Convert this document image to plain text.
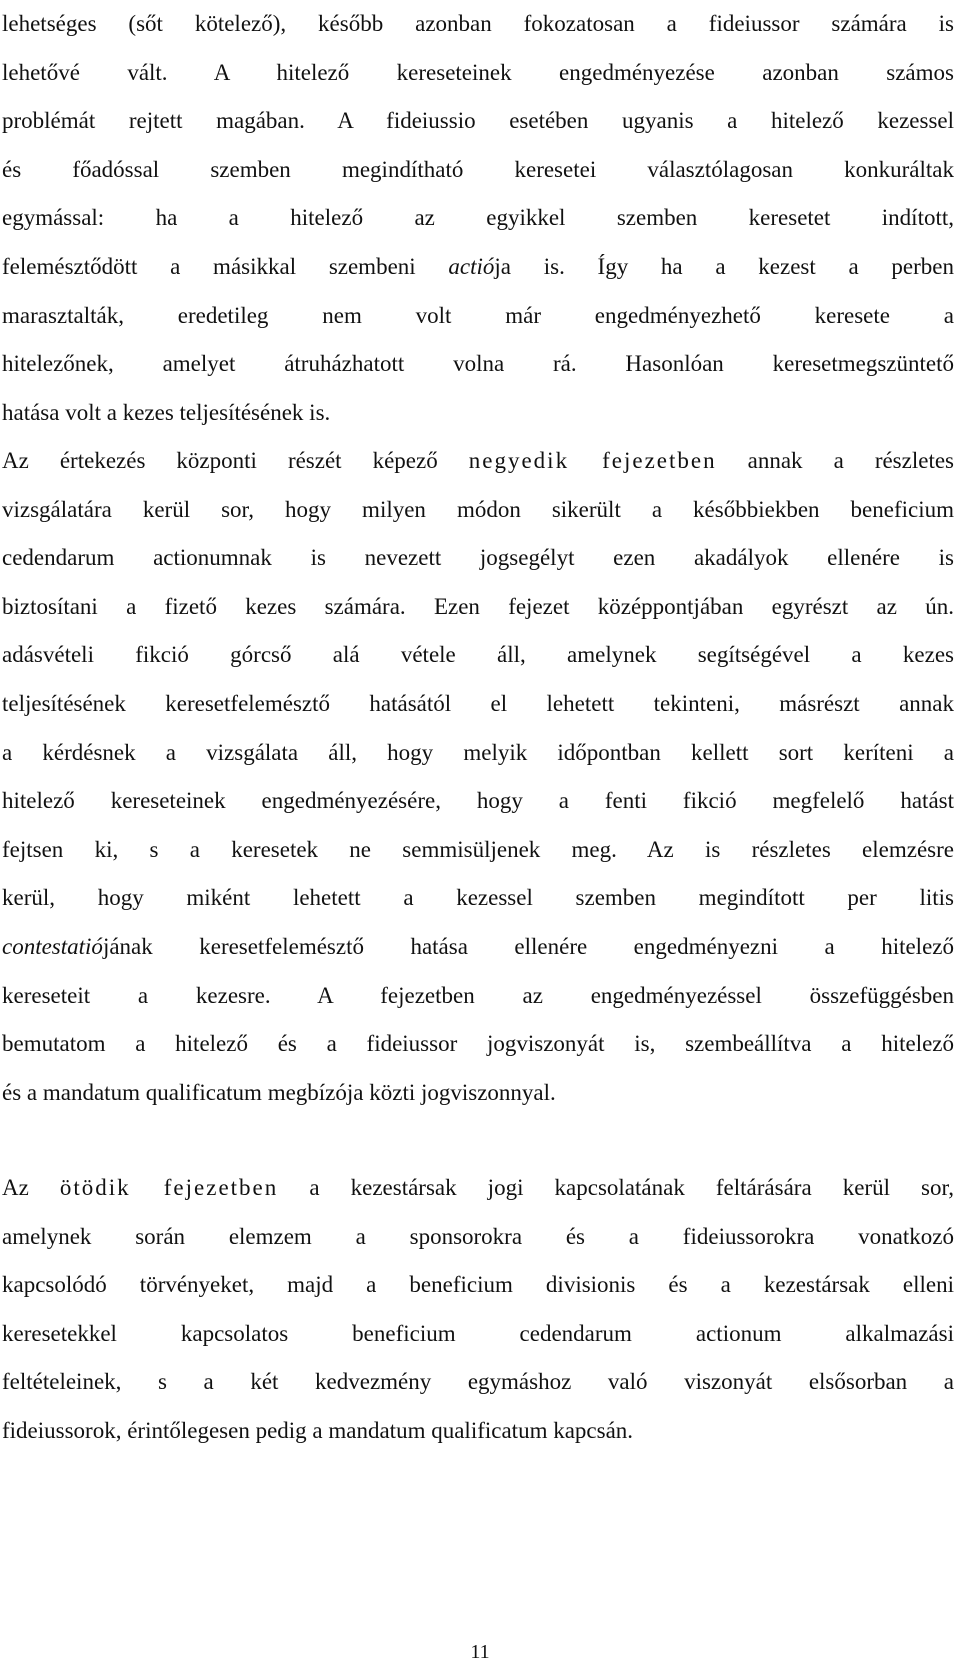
lehetséges (sőt kötelező), később azonban fokozatosan a fideiussor számára is
lehetővé vált. A hitelező kereseteinek engedményezése azonban számos
problémát rejtett magában. A fideiussio esetében ugyanis a hitelező kezessel
és főadóssal szemben megindítható keresetei választólagosan konkuráltak
egymással: ha a hitelező az egyikkel szemben keresetet indított,
felemésztődött a másikkal szembeni actiója is. Így ha a kezest a perben
marasztalták, eredetileg nem volt már engedményezhető keresete a
hitelezőnek, amelyet átruházhatott volna rá. Hasonlóan keresetmegszüntető
hatása volt a kezes teljesítésének is.
Az értekezés központi részét képező negyedik fejezetben annak a részletes
vizsgálatára kerül sor, hogy milyen módon sikerült a későbbiekben beneficium
cedendarum actionumnak is nevezett jogsegélyt ezen akadályok ellenére is
biztosítani a fizető kezes számára. Ezen fejezet középpontjában egyrészt az ún.
adásvételi fikció górcső alá vétele áll, amelynek segítségével a kezes
teljesítésének keresetfelemésztő hatásától el lehetett tekinteni, másrészt annak
a kérdésnek a vizsgálata áll, hogy melyik időpontban kellett sort keríteni a
hitelező kereseteinek engedményezésére, hogy a fenti fikció megfelelő hatást
fejtsen ki, s a keresetek ne semmisüljenek meg. Az is részletes elemzésre
kerül, hogy miként lehetett a kezessel szemben megindított per litis
contestatiójának keresetfelemésztő hatása ellenére engedményezni a hitelező
kereseteit a kezesre. A fejezetben az engedményezéssel összefüggésben
bemutatom a hitelező és a fideiussor jogviszonyát is, szembeállítva a hitelező
és a mandatum qualificatum megbízója közti jogviszonnyal.
Az ötödik fejezetben a kezestársak jogi kapcsolatának feltárására kerül sor,
amelynek során elemzem a sponsorokra és a fideiussorokra vonatkozó
kapcsolódó törvényeket, majd a beneficium divisionis és a kezestársak elleni
keresetekkel kapcsolatos beneficium cedendarum actionum alkalmazási
feltételeinek, s a két kedvezmény egymáshoz való viszonyát elsősorban a
fideiussorok, érintőlegesen pedig a mandatum qualificatum kapcsán.
11
